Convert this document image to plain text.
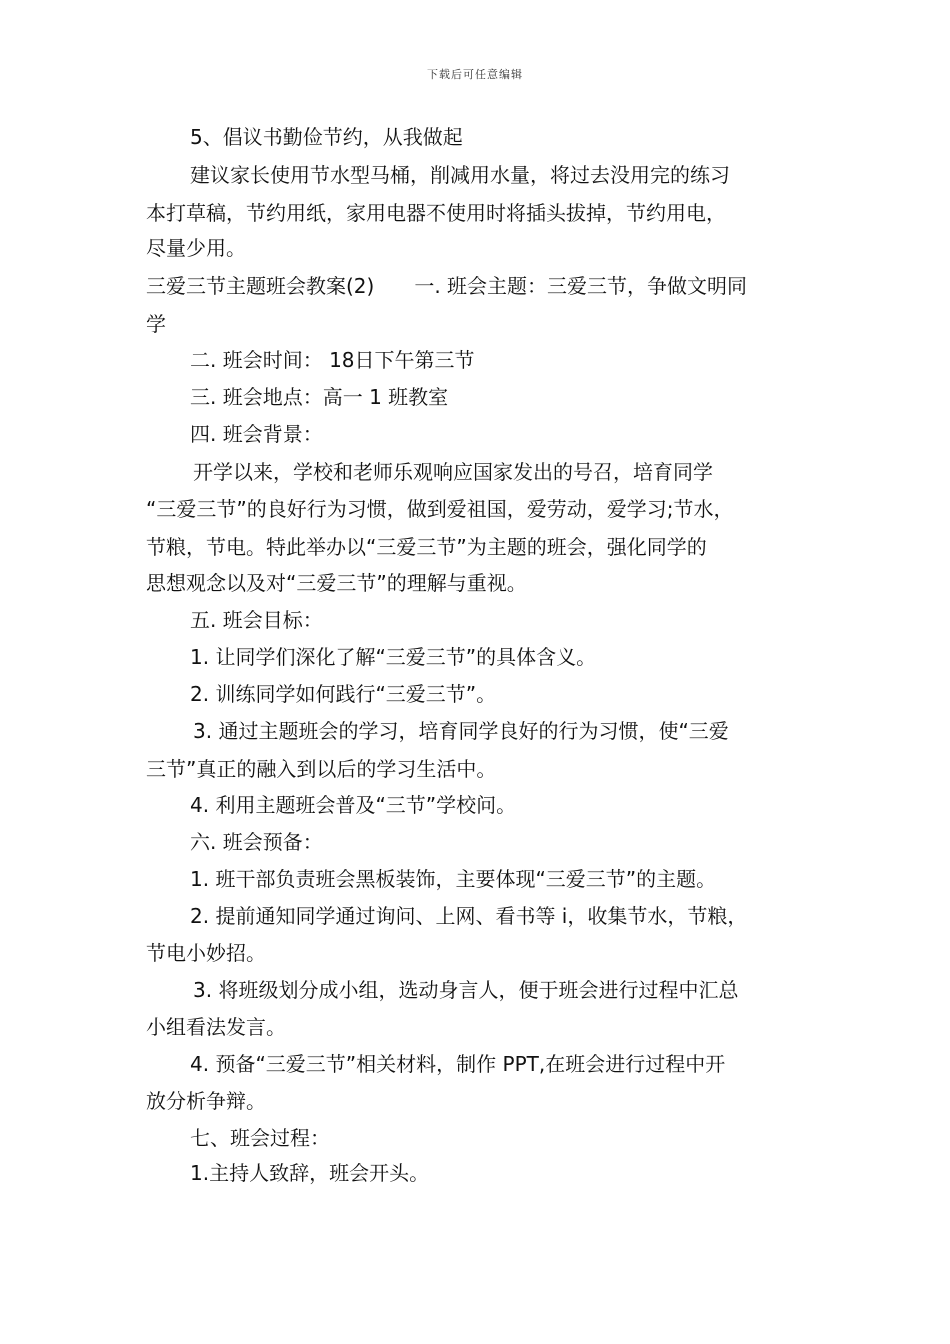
下载后可任意编辑
5、倡议书勤俭节约，从我做起
建议家长使用节水型马桶，削减用水量，将过去没用完的练习
本打草稿，节约用纸，家用电器不使用时将插头拔掉，节约用电，
尽量少用。
三爱三节主题班会教案(2)　　一. 班会主题：三爱三节，争做文明同
学
二. 班会时间： 18日下午第三节
三. 班会地点：高一 1 班教室
四. 班会背景：
开学以来，学校和老师乐观响应国家发出的号召，培育同学
“三爱三节”的良好行为习惯，做到爱祖国，爱劳动，爱学习;节水，
节粮，节电。特此举办以“三爱三节”为主题的班会，强化同学的
思想观念以及对“三爱三节”的理解与重视。
五. 班会目标：
1. 让同学们深化了解“三爱三节”的具体含义。
2. 训练同学如何践行“三爱三节”。
3. 通过主题班会的学习，培育同学良好的行为习惯，使“三爱
三节”真正的融入到以后的学习生活中。
4. 利用主题班会普及“三节”学校问。
六. 班会预备：
1. 班干部负责班会黑板装饰，主要体现“三爱三节”的主题。
2. 提前通知同学通过询问、上网、看书等 i，收集节水，节粮，
节电小妙招。
3. 将班级划分成小组，选动身言人，便于班会进行过程中汇总
小组看法发言。
4. 预备“三爱三节”相关材料，制作 PPT,在班会进行过程中开
放分析争辩。
七、班会过程：
1.主持人致辞，班会开头。
